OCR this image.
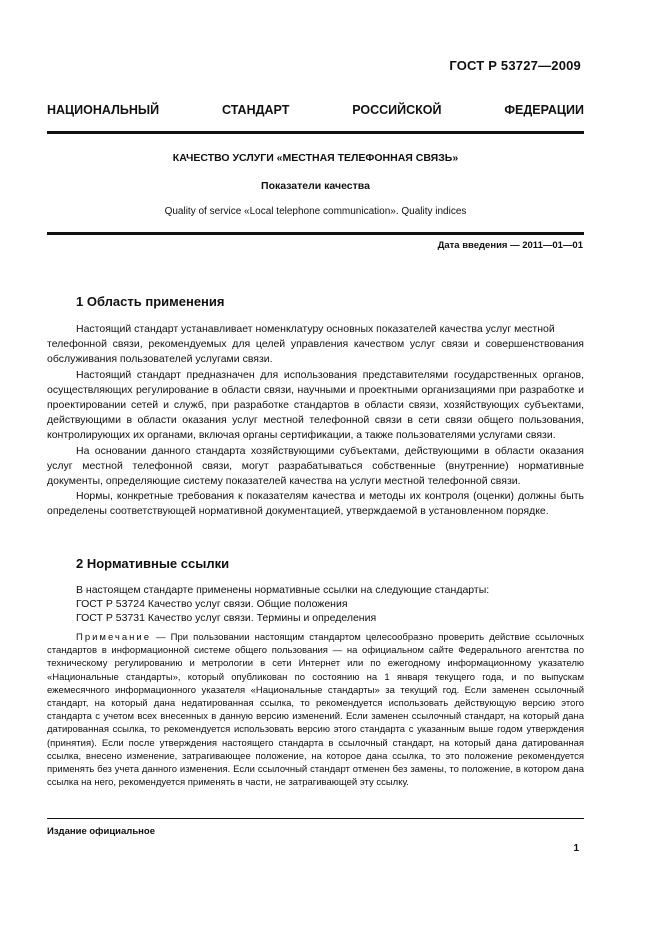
ГОСТ Р 53727—2009
НАЦИОНАЛЬНЫЙ СТАНДАРТ РОССИЙСКОЙ ФЕДЕРАЦИИ
КАЧЕСТВО УСЛУГИ «МЕСТНАЯ ТЕЛЕФОННАЯ СВЯЗЬ»
Показатели качества
Quality of service «Local telephone communication». Quality indices
Дата введения — 2011—01—01
1 Область применения

Настоящий стандарт устанавливает номенклатуру основных показателей качества услуг местной

телефонной связи, рекомендуемых для целей управления качеством услуг связи и совершенствования обслуживания пользователей услугами связи.

Настоящий стандарт предназначен для использования представителями государственных органов, осуществляющих регулирование в области связи, научными и проектными организациями при разработке и проектировании сетей и служб, при разработке стандартов в области связи, хозяйствующих субъектами, действующими в области оказания услуг местной телефонной связи в сети связи общего пользования, контролирующих их органами, включая органы сертификации, а также пользователями услугами связи.

На основании данного стандарта хозяйствующими субъектами, действующими в области оказания услуг местной телефонной связи, могут разрабатываться собственные (внутренние) нормативные документы, определяющие систему показателей качества на услуги местной телефонной связи.

Нормы, конкретные требования к показателям качества и методы их контроля (оценки) должны быть определены соответствующей нормативной документацией, утверждаемой в установленном порядке.

2 Нормативные ссылки
В настоящем стандарте применены нормативные ссылки на следующие стандарты:
ГОСТ Р 53724 Качество услуг связи. Общие положения
ГОСТ Р 53731 Качество услуг связи. Термины и определения
Примечание — При пользовании настоящим стандартом целесообразно проверить действие ссылочных стандартов в информационной системе общего пользования — на официальном сайте Федерального агентства по техническому регулированию и метрологии в сети Интернет или по ежегодному информационному указателю «Национальные стандарты», который опубликован по состоянию на 1 января текущего года, и по выпускам ежемесячного информационного указателя «Национальные стандарты» за текущий год. Если заменен ссылочный стандарт, на который дана недатированная ссылка, то рекомендуется использовать действующую версию этого стандарта с учетом всех внесенных в данную версию изменений. Если заменен ссылочный стандарт, на который дана датированная ссылка, то рекомендуется использовать версию этого стандарта с указанным выше годом утверждения (принятия). Если после утверждения настоящего стандарта в ссылочный стандарт, на который дана датированная ссылка, внесено изменение, затрагивающее положение, на которое дана ссылка, то это положение рекомендуется применять без учета данного изменения. Если ссылочный стандарт отменен без замены, то положение, в котором дана ссылка на него, рекомендуется применять в части, не затрагивающей эту ссылку.
Издание официальное
1
